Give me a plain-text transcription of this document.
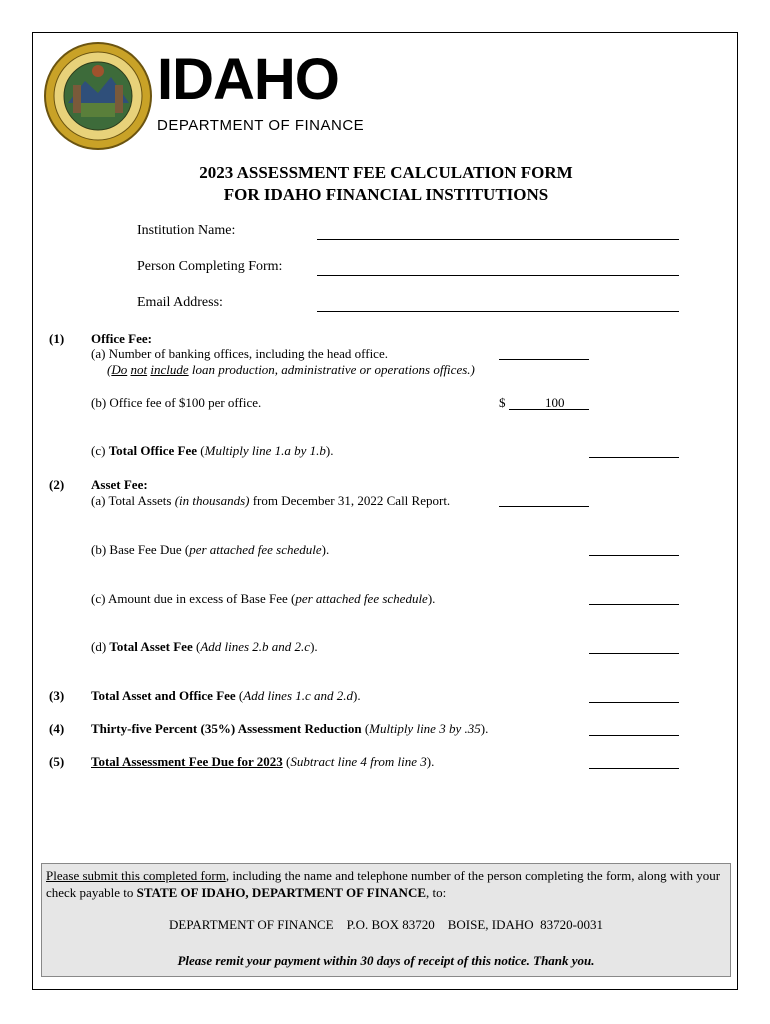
IDAHO
DEPARTMENT OF FINANCE
2023 ASSESSMENT FEE CALCULATION FORM
FOR IDAHO FINANCIAL INSTITUTIONS
Institution Name:
Person Completing Form:
Email Address:
(1) Office Fee:
(a) Number of banking offices, including the head office.
(Do not include loan production, administrative or operations offices.)
(b) Office fee of $100 per office.	$	100
(c) Total Office Fee (Multiply line 1.a by 1.b).
(2) Asset Fee:
(a) Total Assets (in thousands) from December 31, 2022 Call Report.
(b) Base Fee Due (per attached fee schedule).
(c) Amount due in excess of Base Fee (per attached fee schedule).
(d) Total Asset Fee (Add lines 2.b and 2.c).
(3) Total Asset and Office Fee (Add lines 1.c and 2.d).
(4) Thirty-five Percent (35%) Assessment Reduction (Multiply line 3 by .35).
(5) Total Assessment Fee Due for 2023 (Subtract line 4 from line 3).

Please submit this completed form, including the name and telephone number of the person completing the form, along with your check payable to STATE OF IDAHO, DEPARTMENT OF FINANCE, to:

DEPARTMENT OF FINANCE    P.O. BOX 83720    BOISE, IDAHO  83720-0031

Please remit your payment within 30 days of receipt of this notice. Thank you.
